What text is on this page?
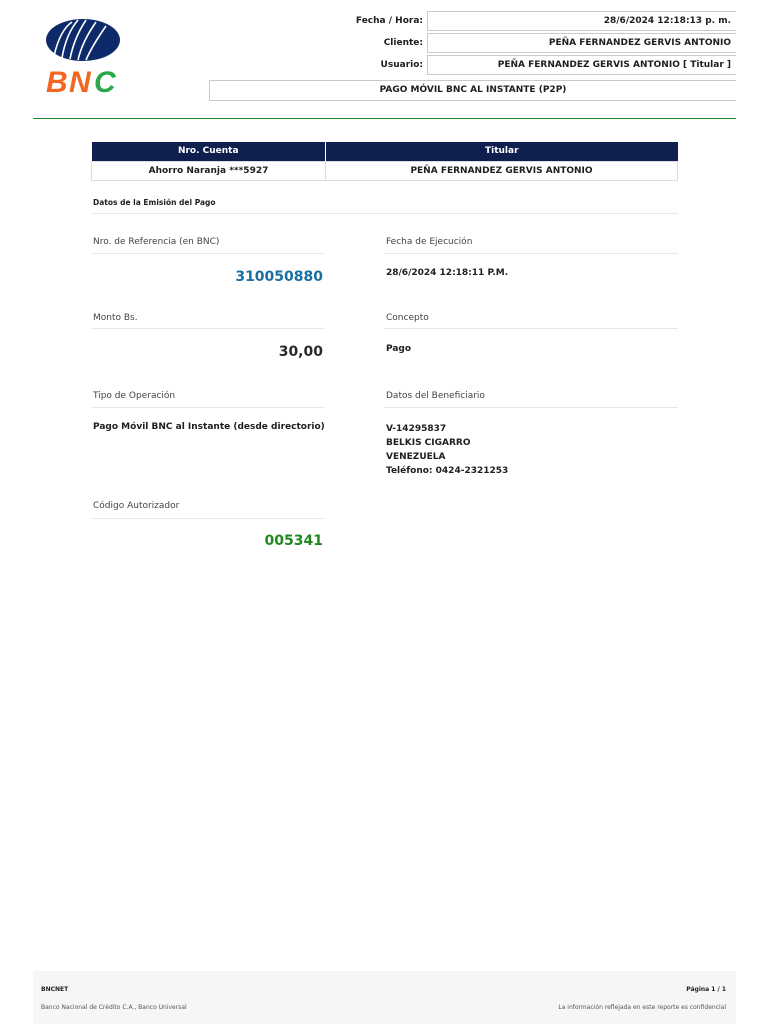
B N C
Fecha / Hora:	28/6/2024 12:18:13 p. m.
Cliente:	PEÑA FERNANDEZ GERVIS ANTONIO
Usuario:	PEÑA FERNANDEZ GERVIS ANTONIO [ Titular ]
PAGO MÓVIL BNC AL INSTANTE (P2P)
Nro. Cuenta	Titular
Ahorro Naranja ***5927	PEÑA FERNANDEZ GERVIS ANTONIO
Datos de la Emisión del Pago
Nro. de Referencia (en BNC)
310050880
Fecha de Ejecución
28/6/2024 12:18:11 P.M.
Monto Bs.
30,00
Concepto
Pago
Tipo de Operación
Pago Móvil BNC al Instante (desde directorio)
Datos del Beneficiario
V-14295837
BELKIS CIGARRO
VENEZUELA
Teléfono: 0424-2321253
Código Autorizador
005341
BNCNET	Página 1 / 1
Banco Nacional de Crédito C.A., Banco Universal	La información reflejada en este reporte es confidencial
